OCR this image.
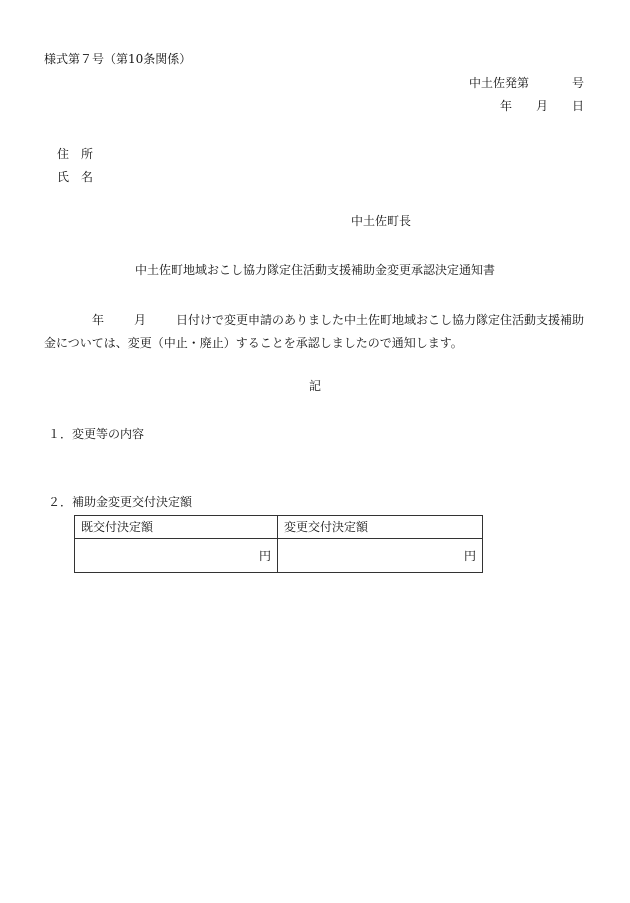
様式第７号（第10条関係）
中土佐発第	号
年 月 日
住 所
氏 名
中土佐町長
中土佐町地域おこし協力隊定住活動支援補助金変更承認決定通知書
年	月	日付けで変更申請のありました中土佐町地域おこし協力隊定住活動支援補助金については、変更（中止・廃止）することを承認しましたので通知します。
記
１．変更等の内容
２．補助金変更交付決定額
既交付決定額	変更交付決定額
円	円
